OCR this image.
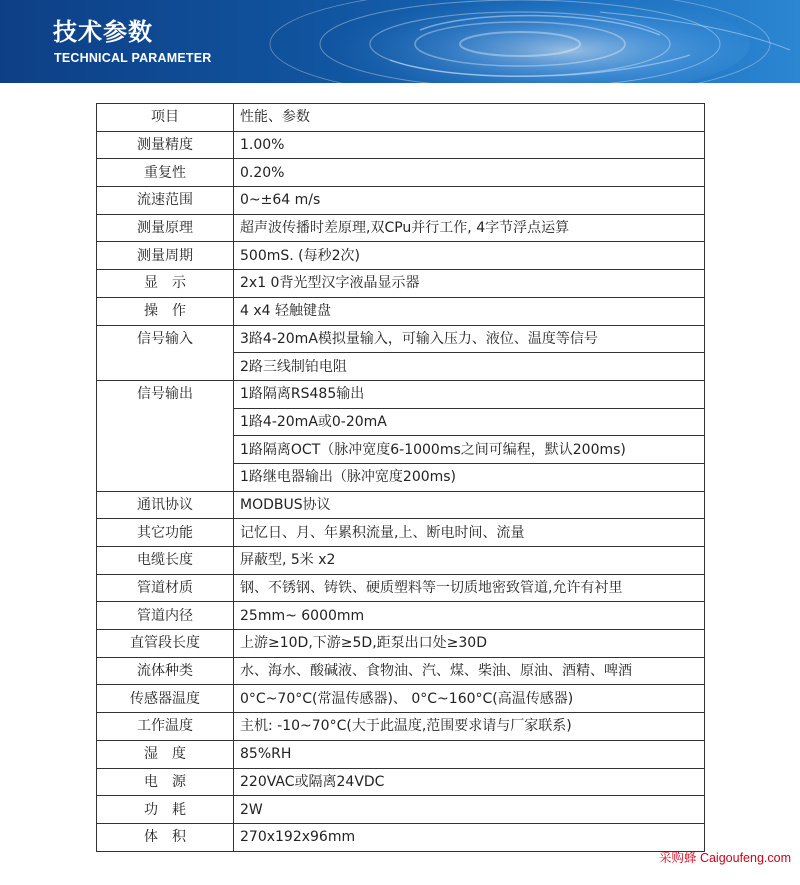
技术参数
TECHNICAL PARAMETER
项目	性能、参数
测量精度	1.00%
重复性	0.20%
流速范围	0~±64 m/s
测量原理	超声波传播时差原理,双CPu并行工作, 4字节浮点运算
测量周期	500mS. (每秒2次)
显　示	2x1 0背光型汉字液晶显示器
操　作	4 x4 轻触键盘
信号输入	3路4-20mA模拟量输入，可输入压力、液位、温度等信号
	2路三线制铂电阻
信号输出	1路隔离RS485输出
	1路4-20mA或0-20mA
	1路隔离OCT（脉冲宽度6-1000ms之间可编程，默认200ms)
	1路继电器输出（脉冲宽度200ms)
通讯协议	MODBUS协议
其它功能	记忆日、月、年累积流量,上、断电时间、流量
电缆长度	屏蔽型, 5米 x2
管道材质	钢、不锈钢、铸铁、硬质塑料等一切质地密致管道,允许有衬里
管道内径	25mm~ 6000mm
直管段长度	上游≥10D,下游≥5D,距泵出口处≥30D
流体种类	水、海水、酸碱液、食物油、汽、煤、柴油、原油、酒精、啤酒
传感器温度	0°C~70°C(常温传感器)、 0°C~160°C(高温传感器)
工作温度	主机: -10~70°C(大于此温度,范围要求请与厂家联系)
湿　度	85%RH
电　源	220VAC或隔离24VDC
功　耗	2W
体　积	270x192x96mm
采购蜂 Caigoufeng.com
